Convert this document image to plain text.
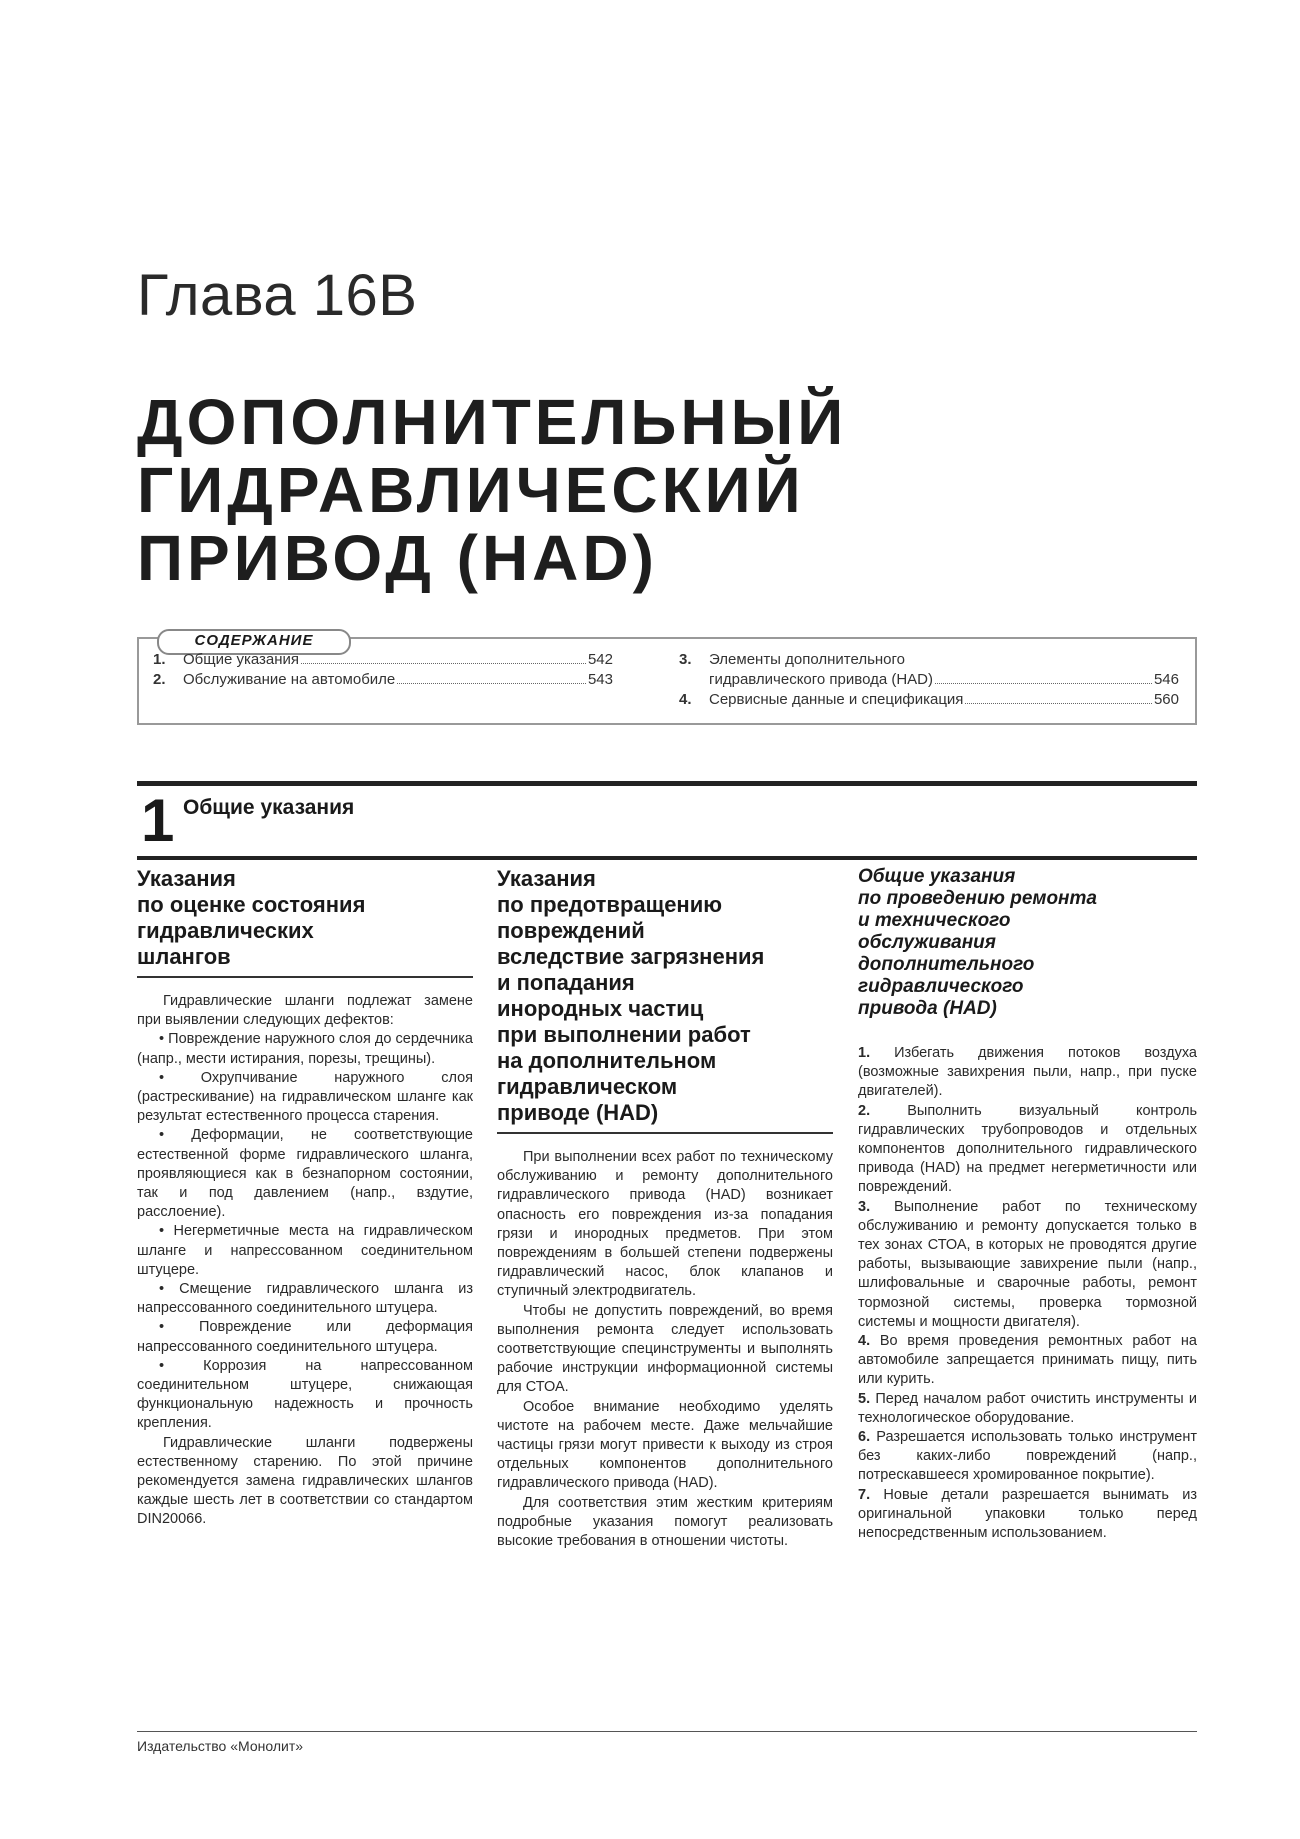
Глава 16В
ДОПОЛНИТЕЛЬНЫЙ
ГИДРАВЛИЧЕСКИЙ
ПРИВОД (HAD)
СОДЕРЖАНИЕ
1.	Общие указания	542
2.	Обслуживание на автомобиле	543
3.	Элементы дополнительного
гидравлического привода (HAD)	546
4.	Сервисные данные и спецификация	560
1 Общие указания
Указания
по оценке состояния
гидравлических
шлангов

Гидравлические шланги подлежат замене при выявлении следующих дефектов:

• Повреждение наружного слоя до сердечника (напр., мести истирания, порезы, трещины).

• Охрупчивание наружного слоя (растрескивание) на гидравлическом шланге как результат естественного процесса старения.

• Деформации, не соответствующие естественной форме гидравлического шланга, проявляющиеся как в безнапорном состоянии, так и под давлением (напр., вздутие, расслоение).

• Негерметичные места на гидравлическом шланге и напрессованном соединительном штуцере.

• Смещение гидравлического шланга из напрессованного соединительного штуцера.

• Повреждение или деформация напрессованного соединительного штуцера.

• Коррозия на напрессованном соединительном штуцере, снижающая функциональную надежность и прочность крепления.

Гидравлические шланги подвержены естественному старению. По этой причине рекомендуется замена гидравлических шлангов каждые шесть лет в соответствии со стандартом DIN20066.

Указания
по предотвращению
повреждений
вследствие загрязнения
и попадания
инородных частиц
при выполнении работ
на дополнительном
гидравлическом
приводе (HAD)

При выполнении всех работ по техническому обслуживанию и ремонту дополнительного гидравлического привода (HAD) возникает опасность его повреждения из-за попадания грязи и инородных предметов. При этом повреждениям в большей степени подвержены гидравлический насос, блок клапанов и ступичный электродвигатель.

Чтобы не допустить повреждений, во время выполнения ремонта следует использовать соответствующие специнструменты и выполнять рабочие инструкции информационной системы для СТОА.

Особое внимание необходимо уделять чистоте на рабочем месте. Даже мельчайшие частицы грязи могут привести к выходу из строя отдельных компонентов дополнительного гидравлического привода (HAD).

Для соответствия этим жестким критериям подробные указания помогут реализовать высокие требования в отношении чистоты.

Общие указания
по проведению ремонта
и технического
обслуживания
дополнительного
гидравлического
привода (HAD)

1. Избегать движения потоков воздуха (возможные завихрения пыли, напр., при пуске двигателей).

2.	Выполнить визуальный контроль гидравлических трубопроводов и отдельных компонентов дополнительного гидравлического привода (HAD) на предмет негерметичности или повреждений.

3. Выполнение работ по техническому обслуживанию и ремонту допускается только в тех зонах СТОА, в которых не проводятся другие работы, вызывающие завихрение пыли (напр., шлифовальные и сварочные работы, ремонт тормозной системы, проверка тормозной системы и мощности двигателя).

4. Во время проведения ремонтных работ на автомобиле запрещается принимать пищу, пить или курить.

5. Перед началом работ очистить инструменты и технологическое оборудование.

6. Разрешается использовать только инструмент без каких-либо повреждений (напр., потрескавшееся хромированное покрытие).

7. Новые детали разрешается вынимать из оригинальной упаковки только перед непосредственным использованием.

Издательство «Монолит»
